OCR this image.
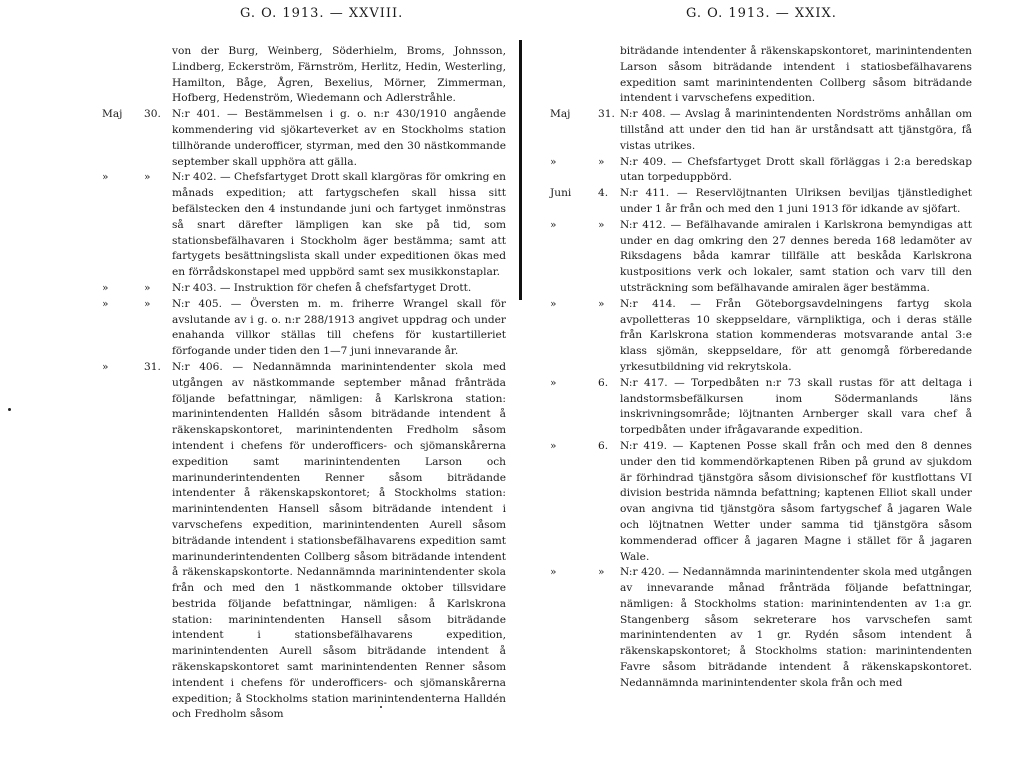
G. O. 1913. — XXVIII.
von der Burg, Weinberg, Söderhielm, Broms, Johnsson, Lindberg, Eckerström, Färnström, Herlitz, Hedin, Westerling, Hamilton, Båge, Ågren, Bexelius, Mörner, Zimmerman, Hofberg, Hedenström, Wiedemann och Adlerstråhle.
Maj 30. N:r 401. — Bestämmelsen i g. o. n:r 430/1910 angående kommendering vid sjökarteverket av en Stockholms station tillhörande underofficer, styrman, med den 30 nästkommande september skall upphöra att gälla.
»	» N:r 402. — Chefsfartyget Drott skall klargöras för omkring en månads expedition; att fartygschefen skall hissa sitt befälstecken den 4 instundande juni och fartyget inmönstras så snart därefter lämpligen kan ske på tid, som stationsbefälhavaren i Stockholm äger bestämma; samt att fartygets besättningslista skall under expeditionen ökas med en förrådskonstapel med uppbörd samt sex musikkonstaplar.
»	» N:r 403. — Instruktion för chefen å chefsfartyget Drott.
»	» N:r 405. — Översten m. m. friherre Wrangel skall för avslutande av i g. o. n:r 288/1913 angivet uppdrag och under enahanda villkor ställas till chefens för kustartilleriet förfogande under tiden den 1—7 juni innevarande år.
»	31. N:r 406. — Nedannämnda marinintendenter skola med utgången av nästkommande september månad frånträda följande befattningar, nämligen: å Karlskrona station: marinintendenten Halldén såsom biträdande intendent å räkenskapskontoret, marinintendenten Fredholm såsom intendent i chefens för underofficers- och sjömanskårerna expedition samt marinintendenten Larson och marinunderintendenten Renner såsom biträdande intendenter å räkenskapskontoret; å Stockholms station: marinintendenten Hansell såsom biträdande intendent i varvschefens expedition, marinintendenten Aurell såsom biträdande intendent i stationsbefälhavarens expedition samt marinunderintendenten Collberg såsom biträdande intendent å räkenskapskontorte. Nedannämnda marinintendenter skola från och med den 1 nästkommande oktober tillsvidare bestrida följande befattningar, nämligen: å Karlskrona station: marinintendenten Hansell såsom biträdande intendent i stationsbefälhavarens expedition, marinintendenten Aurell såsom biträdande intendent å räkenskapskontoret samt marinintendenten Renner såsom intendent i chefens för underofficers- och sjömanskårerna expedition; å Stockholms station marinintendenterna Halldén och Fredholm såsom
G. O. 1913. — XXIX.
biträdande intendenter å räkenskapskontoret, marinintendenten Larson såsom biträdande intendent i statiosbefälhavarens expedition samt marinintendenten Collberg såsom biträdande intendent i varvschefens expedition.
Maj	31. N:r 408. — Avslag å marinintendenten Nordströms anhållan om tillstånd att under den tid han är urståndsatt att tjänstgöra, få vistas utrikes.
»	» N:r 409. — Chefsfartyget Drott skall förläggas i 2:a beredskap utan torpeduppbörd.
Juni	4. N:r 411. — Reservlöjtnanten Ulriksen beviljas tjänstledighet under 1 år från och med den 1 juni 1913 för idkande av sjöfart.
»	» N:r 412. — Befälhavande amiralen i Karlskrona bemyndigas att under en dag omkring den 27 dennes bereda 168 ledamöter av Riksdagens båda kamrar tillfälle att beskåda Karlskrona kustpositions verk och lokaler, samt station och varv till den utsträckning som befälhavande amiralen äger bestämma.
»	» N:r 414. — Från Göteborgsavdelningens fartyg skola avpolletteras 10 skeppseldare, värnpliktiga, och i deras ställe från Karlskrona station kommenderas motsvarande antal 3:e klass sjömän, skeppseldare, för att genomgå förberedande yrkesutbildning vid rekrytskola.
»	6. N:r 417. — Torpedbåten n:r 73 skall rustas för att deltaga i landstormsbefälkursen inom Södermanlands läns inskrivningsområde; löjtnanten Arnberger skall vara chef å torpedbåten under ifrågavarande expedition.
»	6. N:r 419. — Kaptenen Posse skall från och med den 8 dennes under den tid kommendörkaptenen Riben på grund av sjukdom är förhindrad tjänstgöra såsom divisionschef för kustflottans VI division bestrida nämnda befattning; kaptenen Elliot skall under ovan angivna tid tjänstgöra såsom fartygschef å jagaren Wale och löjtnatnen Wetter under samma tid tjänstgöra såsom kommenderad officer å jagaren Magne i stället för å jagaren Wale.
»	» N:r 420. — Nedannämnda marinintendenter skola med utgången av innevarande månad frånträda följande befattningar, nämligen: å Stockholms station: marinintendenten av 1:a gr. Stangenberg såsom sekreterare hos varvschefen samt marinintendenten av 1 gr. Rydén såsom intendent å räkenskapskontoret; å Stockholms station: marinintendenten Favre såsom biträdande intendent å räkenskapskontoret. Nedannämnda marinintendenter skola från och med
